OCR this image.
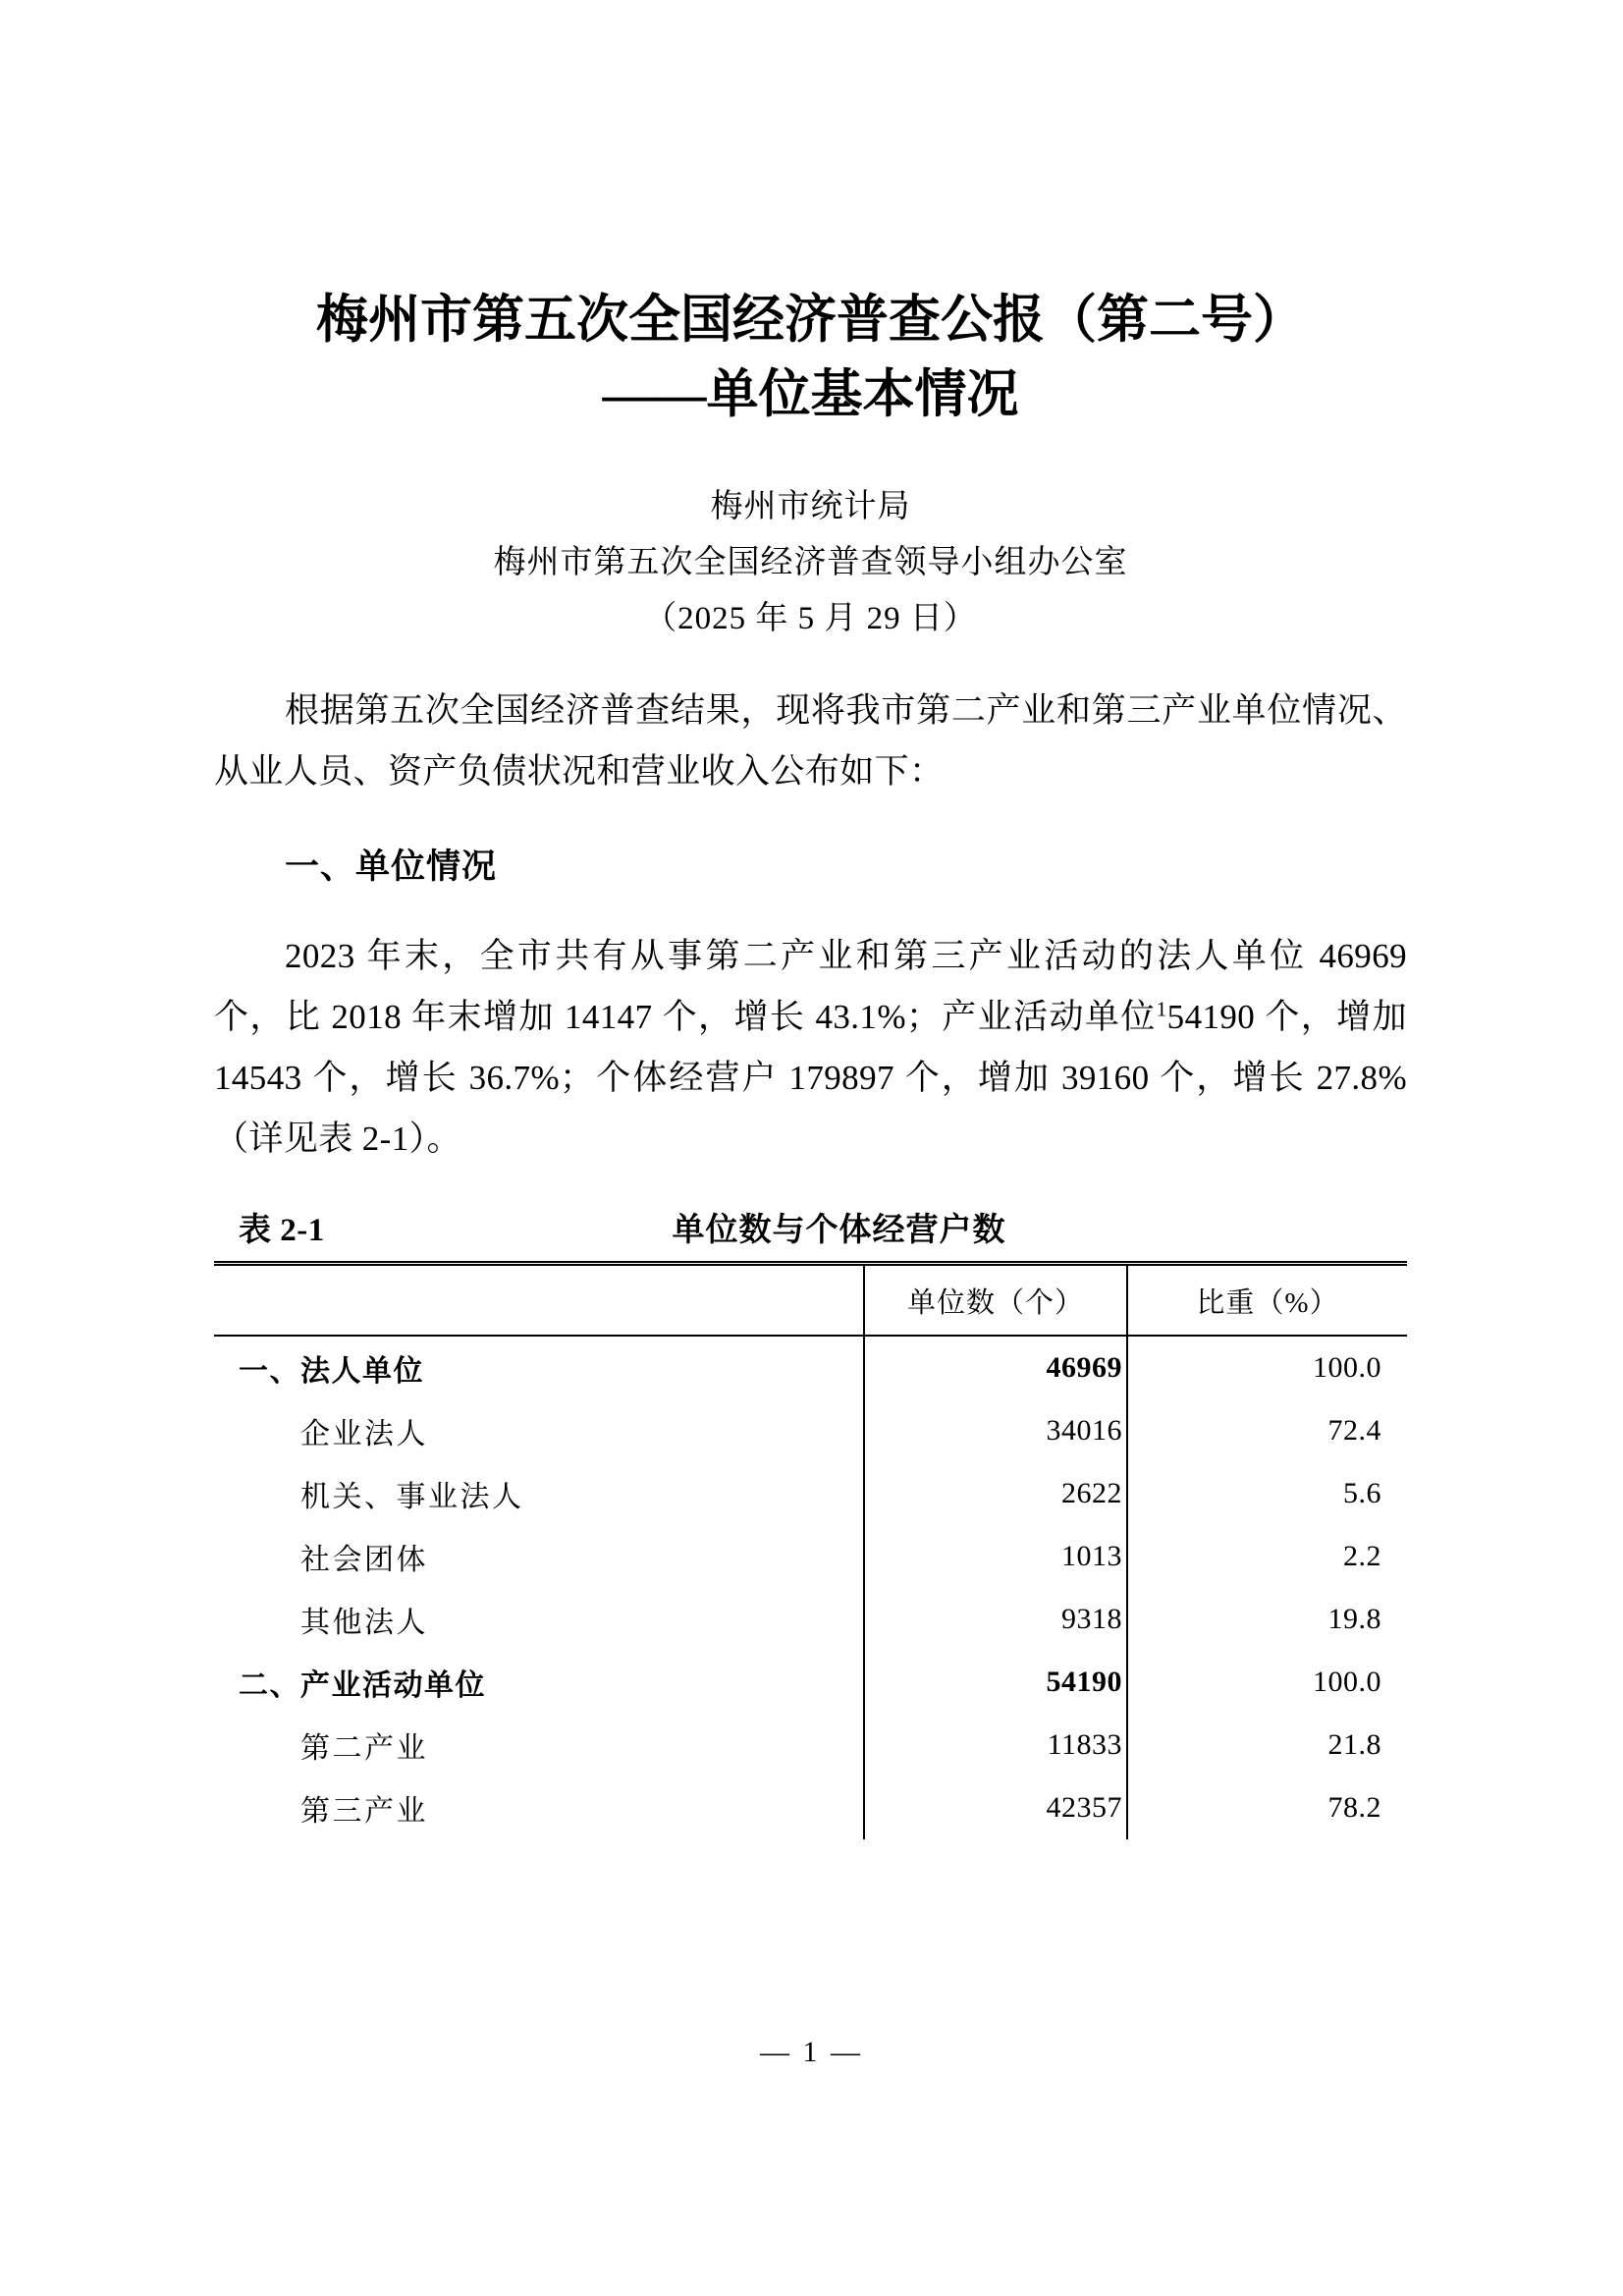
梅州市第五次全国经济普查公报（第二号）
——单位基本情况
梅州市统计局
梅州市第五次全国经济普查领导小组办公室
（2025 年 5 月 29 日）

根据第五次全国经济普查结果，现将我市第二产业和第三产业单位情况、从业人员、资产负债状况和营业收入公布如下：

一、单位情况

2023 年末，全市共有从事第二产业和第三产业活动的法人单位 46969 个，比 2018 年末增加 14147 个，增长 43.1%；产业活动单位$^1$54190 个，增加 14543 个，增长 36.7%；个体经营户 179897 个，增加 39160 个，增长 27.8%（详见表 2-1）。

表 2-1	单位数与个体经营户数
	单位数（个）	比重（%）
一、法人单位	46969	100.0
企业法人	34016	72.4
机关、事业法人	2622	5.6
社会团体	1013	2.2
其他法人	9318	19.8
二、产业活动单位	54190	100.0
第二产业	11833	21.8
第三产业	42357	78.2
— 1 —
